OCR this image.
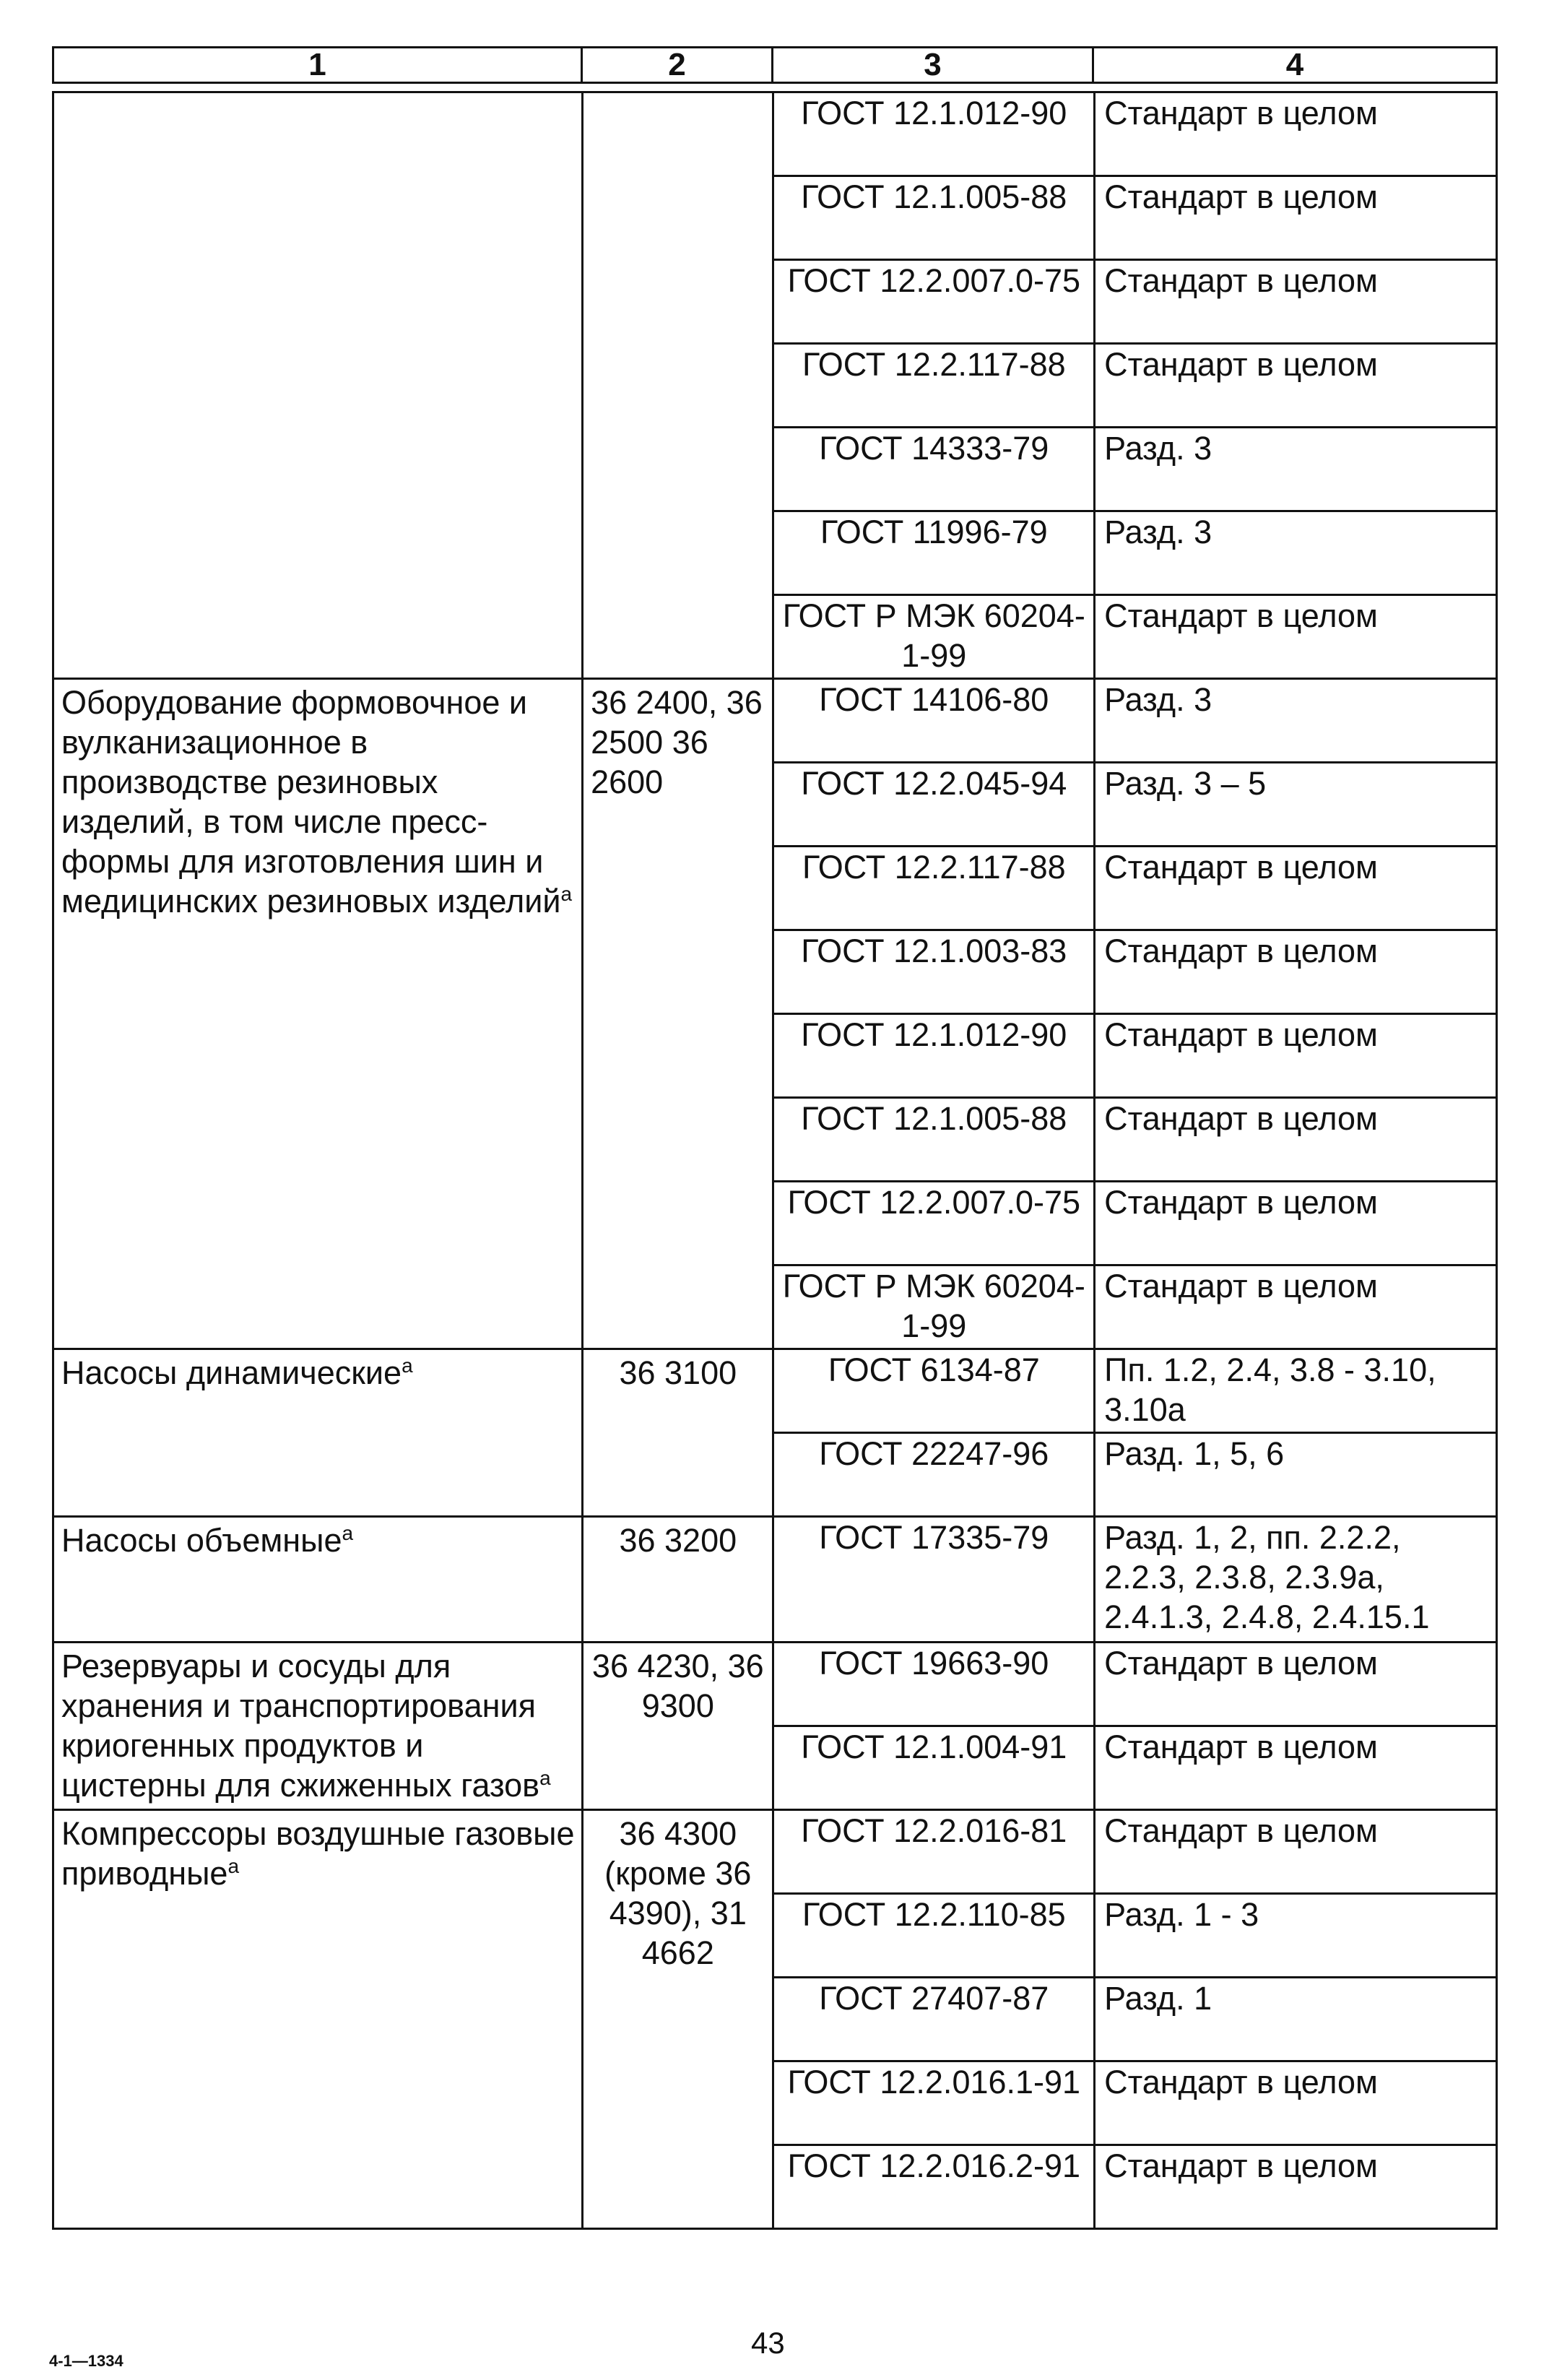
1	2	3	4
		ГОСТ 12.1.012-90	Стандарт в целом
		ГОСТ 12.1.005-88	Стандарт в целом
		ГОСТ 12.2.007.0-75	Стандарт в целом
		ГОСТ 12.2.117-88	Стандарт в целом
		ГОСТ 14333-79	Разд. 3
		ГОСТ 11996-79	Разд. 3
		ГОСТ Р МЭК 60204-1-99	Стандарт в целом
Оборудование формовочное и вулканизационное в производстве резиновых изделий, в том числе пресс-формы для изготовления шин и медицинских резиновых изделий$^а$	36 2400, 36 2500 36 2600	ГОСТ 14106-80	Разд. 3
		ГОСТ 12.2.045-94	Разд. 3 – 5
		ГОСТ 12.2.117-88	Стандарт в целом
		ГОСТ 12.1.003-83	Стандарт в целом
		ГОСТ 12.1.012-90	Стандарт в целом
		ГОСТ 12.1.005-88	Стандарт в целом
		ГОСТ 12.2.007.0-75	Стандарт в целом
		ГОСТ Р МЭК 60204-1-99	Стандарт в целом
Насосы динамические$^а$	36 3100	ГОСТ 6134-87	Пп. 1.2, 2.4, 3.8 - 3.10, 3.10а
		ГОСТ 22247-96	Разд. 1, 5, 6
Насосы объемные$^а$	36 3200	ГОСТ 17335-79	Разд. 1, 2, пп. 2.2.2, 2.2.3, 2.3.8, 2.3.9а, 2.4.1.3, 2.4.8, 2.4.15.1
Резервуары и сосуды для хранения и транспортирования криогенных продуктов и цистерны для сжиженных газов$^а$	36 4230, 36 9300	ГОСТ 19663-90	Стандарт в целом
		ГОСТ 12.1.004-91	Стандарт в целом
Компрессоры воздушные газовые приводные$^а$	36 4300 (кроме 36 4390), 31 4662	ГОСТ 12.2.016-81	Стандарт в целом
		ГОСТ 12.2.110-85	Разд. 1 - 3
		ГОСТ 27407-87	Разд. 1
		ГОСТ 12.2.016.1-91	Стандарт в целом
		ГОСТ 12.2.016.2-91	Стандарт в целом
43
4-1—1334
